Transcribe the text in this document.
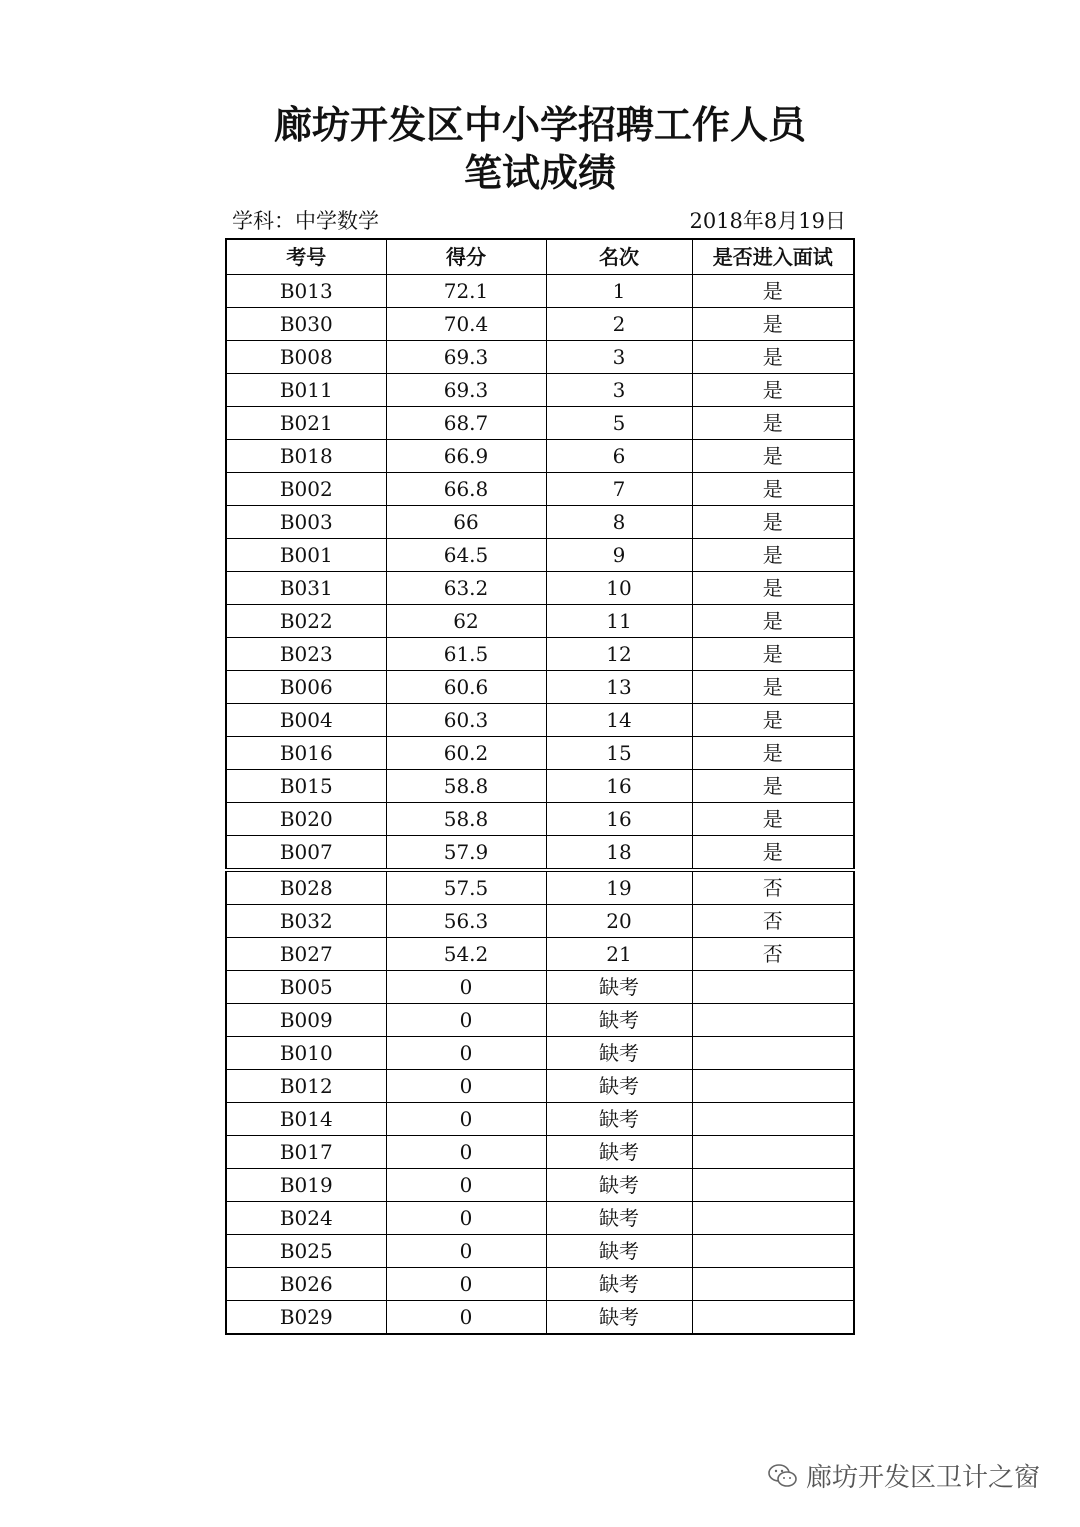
廊坊开发区中小学招聘工作人员
笔试成绩
学科：中学数学	2018年8月19日
考号	得分	名次	是否进入面试
B013	72.1	1	是
B030	70.4	2	是
B008	69.3	3	是
B011	69.3	3	是
B021	68.7	5	是
B018	66.9	6	是
B002	66.8	7	是
B003	66	8	是
B001	64.5	9	是
B031	63.2	10	是
B022	62	11	是
B023	61.5	12	是
B006	60.6	13	是
B004	60.3	14	是
B016	60.2	15	是
B015	58.8	16	是
B020	58.8	16	是
B007	57.9	18	是
B028	57.5	19	否
B032	56.3	20	否
B027	54.2	21	否
B005	0	缺考	
B009	0	缺考	
B010	0	缺考	
B012	0	缺考	
B014	0	缺考	
B017	0	缺考	
B019	0	缺考	
B024	0	缺考	
B025	0	缺考	
B026	0	缺考	
B029	0	缺考	
廊坊开发区卫计之窗
